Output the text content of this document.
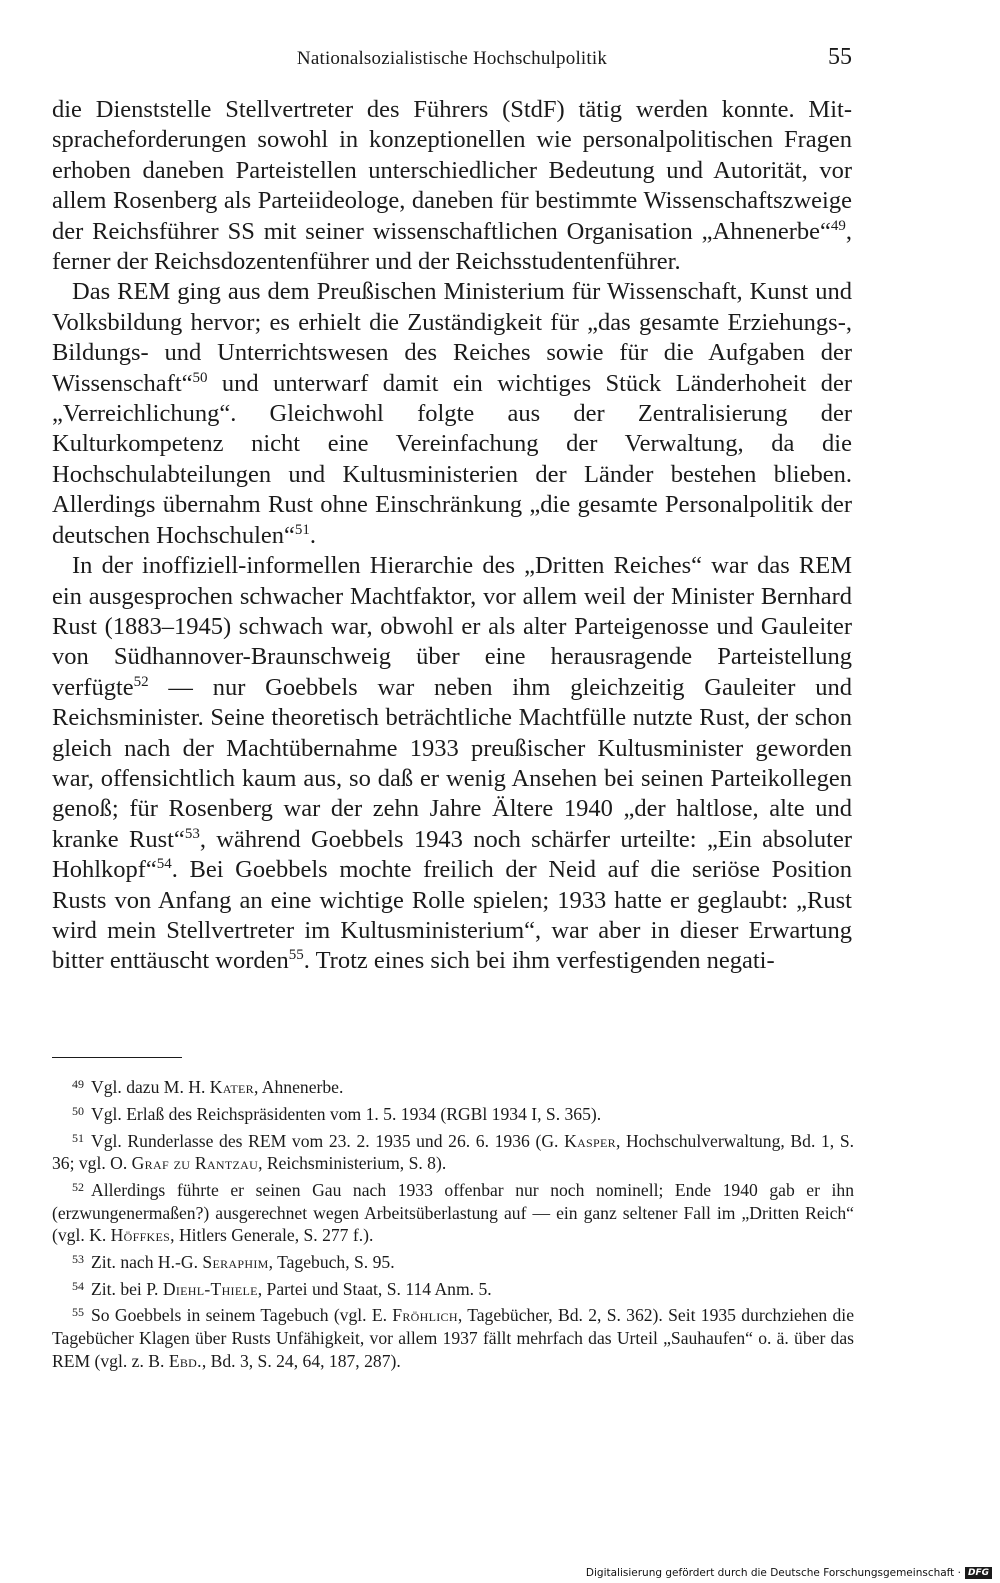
Nationalsozialistische Hochschulpolitik	55

die Dienststelle Stellvertreter des Führers (StdF) tätig werden konnte. Mitspracheforderungen sowohl in konzeptionellen wie personalpolitischen Fragen erhoben daneben Parteistellen unterschiedlicher Bedeutung und Autorität, vor allem Rosenberg als Parteiideologe, daneben für bestimmte Wissenschaftszweige der Reichsführer SS mit seiner wissenschaftlichen Organisation „Ahnenerbe“$^{49}$, ferner der Reichsdozentenführer und der Reichsstudentenführer.

Das REM ging aus dem Preußischen Ministerium für Wissenschaft, Kunst und Volksbildung hervor; es erhielt die Zuständigkeit für „das gesamte Erziehungs-, Bildungs- und Unterrichtswesen des Reiches sowie für die Aufgaben der Wissenschaft“$^{50}$ und unterwarf damit ein wichtiges Stück Länderhoheit der „Verreichlichung“. Gleichwohl folgte aus der Zentralisierung der Kulturkompetenz nicht eine Vereinfachung der Verwaltung, da die Hochschulabteilungen und Kultusministerien der Länder bestehen blieben. Allerdings übernahm Rust ohne Einschränkung „die gesamte Personalpolitik der deutschen Hochschulen“$^{51}$.

In der inoffiziell-informellen Hierarchie des „Dritten Reiches“ war das REM ein ausgesprochen schwacher Machtfaktor, vor allem weil der Minister Bernhard Rust (1883–1945) schwach war, obwohl er als alter Parteigenosse und Gauleiter von Südhannover-Braunschweig über eine herausragende Parteistellung verfügte$^{52}$ — nur Goebbels war neben ihm gleichzeitig Gauleiter und Reichsminister. Seine theoretisch beträchtliche Machtfülle nutzte Rust, der schon gleich nach der Machtübernahme 1933 preußischer Kultusminister geworden war, offensichtlich kaum aus, so daß er wenig Ansehen bei seinen Parteikollegen genoß; für Rosenberg war der zehn Jahre Ältere 1940 „der haltlose, alte und kranke Rust“$^{53}$, während Goebbels 1943 noch schärfer urteilte: „Ein absoluter Hohlkopf“$^{54}$. Bei Goebbels mochte freilich der Neid auf die seriöse Position Rusts von Anfang an eine wichtige Rolle spielen; 1933 hatte er geglaubt: „Rust wird mein Stellvertreter im Kultusministerium“, war aber in dieser Erwartung bitter enttäuscht worden$^{55}$. Trotz eines sich bei ihm verfestigenden negati-

49 Vgl. dazu M. H. Kater, Ahnenerbe.

50 Vgl. Erlaß des Reichspräsidenten vom 1. 5. 1934 (RGBl 1934 I, S. 365).

51 Vgl. Runderlasse des REM vom 23. 2. 1935 und 26. 6. 1936 (G. Kasper, Hochschulverwaltung, Bd. 1, S. 36; vgl. O. Graf zu Rantzau, Reichsministerium, S. 8).

52 Allerdings führte er seinen Gau nach 1933 offenbar nur noch nominell; Ende 1940 gab er ihn (erzwungenermaßen?) ausgerechnet wegen Arbeitsüberlastung auf — ein ganz seltener Fall im „Dritten Reich“ (vgl. K. Höffkes, Hitlers Generale, S. 277 f.).

53 Zit. nach H.-G. Seraphim, Tagebuch, S. 95.

54 Zit. bei P. Diehl-Thiele, Partei und Staat, S. 114 Anm. 5.

55 So Goebbels in seinem Tagebuch (vgl. E. Fröhlich, Tagebücher, Bd. 2, S. 362). Seit 1935 durchziehen die Tagebücher Klagen über Rusts Unfähigkeit, vor allem 1937 fällt mehrfach das Urteil „Sauhaufen“ o. ä. über das REM (vgl. z. B. Ebd., Bd. 3, S. 24, 64, 187, 287).

Digitalisierung gefördert durch die Deutsche Forschungsgemeinschaft · DFG
